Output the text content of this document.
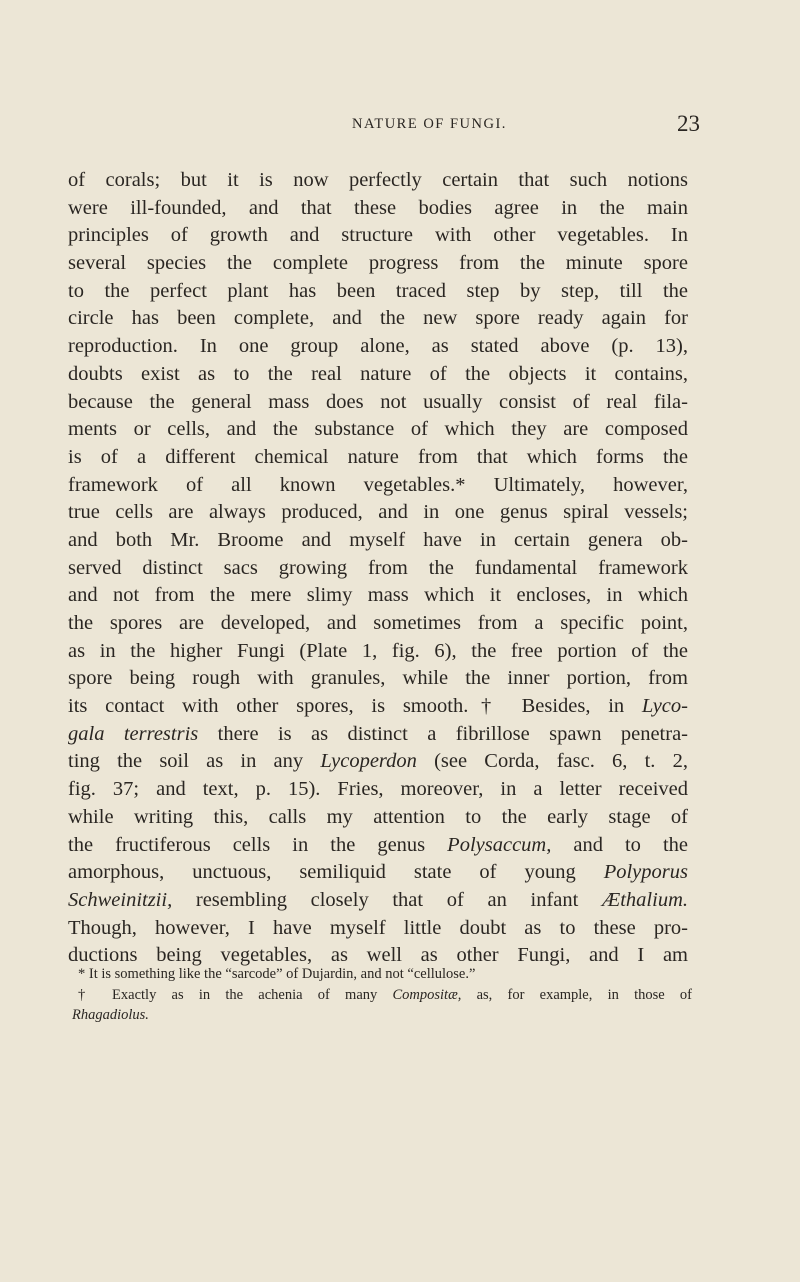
NATURE OF FUNGI.	23
of corals; but it is now perfectly certain that such notions
were ill-founded, and that these bodies agree in the main
principles of growth and structure with other vegetables. In
several species the complete progress from the minute spore
to the perfect plant has been traced step by step, till the
circle has been complete, and the new spore ready again for
reproduction. In one group alone, as stated above (p. 13),
doubts exist as to the real nature of the objects it contains,
because the general mass does not usually consist of real fila-
ments or cells, and the substance of which they are composed
is of a different chemical nature from that which forms the
framework of all known vegetables.* Ultimately, however,
true cells are always produced, and in one genus spiral vessels;
and both Mr. Broome and myself have in certain genera ob-
served distinct sacs growing from the fundamental framework
and not from the mere slimy mass which it encloses, in which
the spores are developed, and sometimes from a specific point,
as in the higher Fungi (Plate 1, fig. 6), the free portion of the
spore being rough with granules, while the inner portion, from
its contact with other spores, is smooth.† Besides, in Lyco-
gala terrestris there is as distinct a fibrillose spawn penetra-
ting the soil as in any Lycoperdon (see Corda, fasc. 6, t. 2,
fig. 37; and text, p. 15). Fries, moreover, in a letter received
while writing this, calls my attention to the early stage of
the fructiferous cells in the genus Polysaccum, and to the
amorphous, unctuous, semiliquid state of young Polyporus
Schweinitzii, resembling closely that of an infant Æthalium.
Though, however, I have myself little doubt as to these pro-
ductions being vegetables, as well as other Fungi, and I am
* It is something like the “sarcode” of Dujardin, and not “cellulose.”
† Exactly as in the achenia of many Compositæ, as, for example, in those of
Rhagadiolus.
